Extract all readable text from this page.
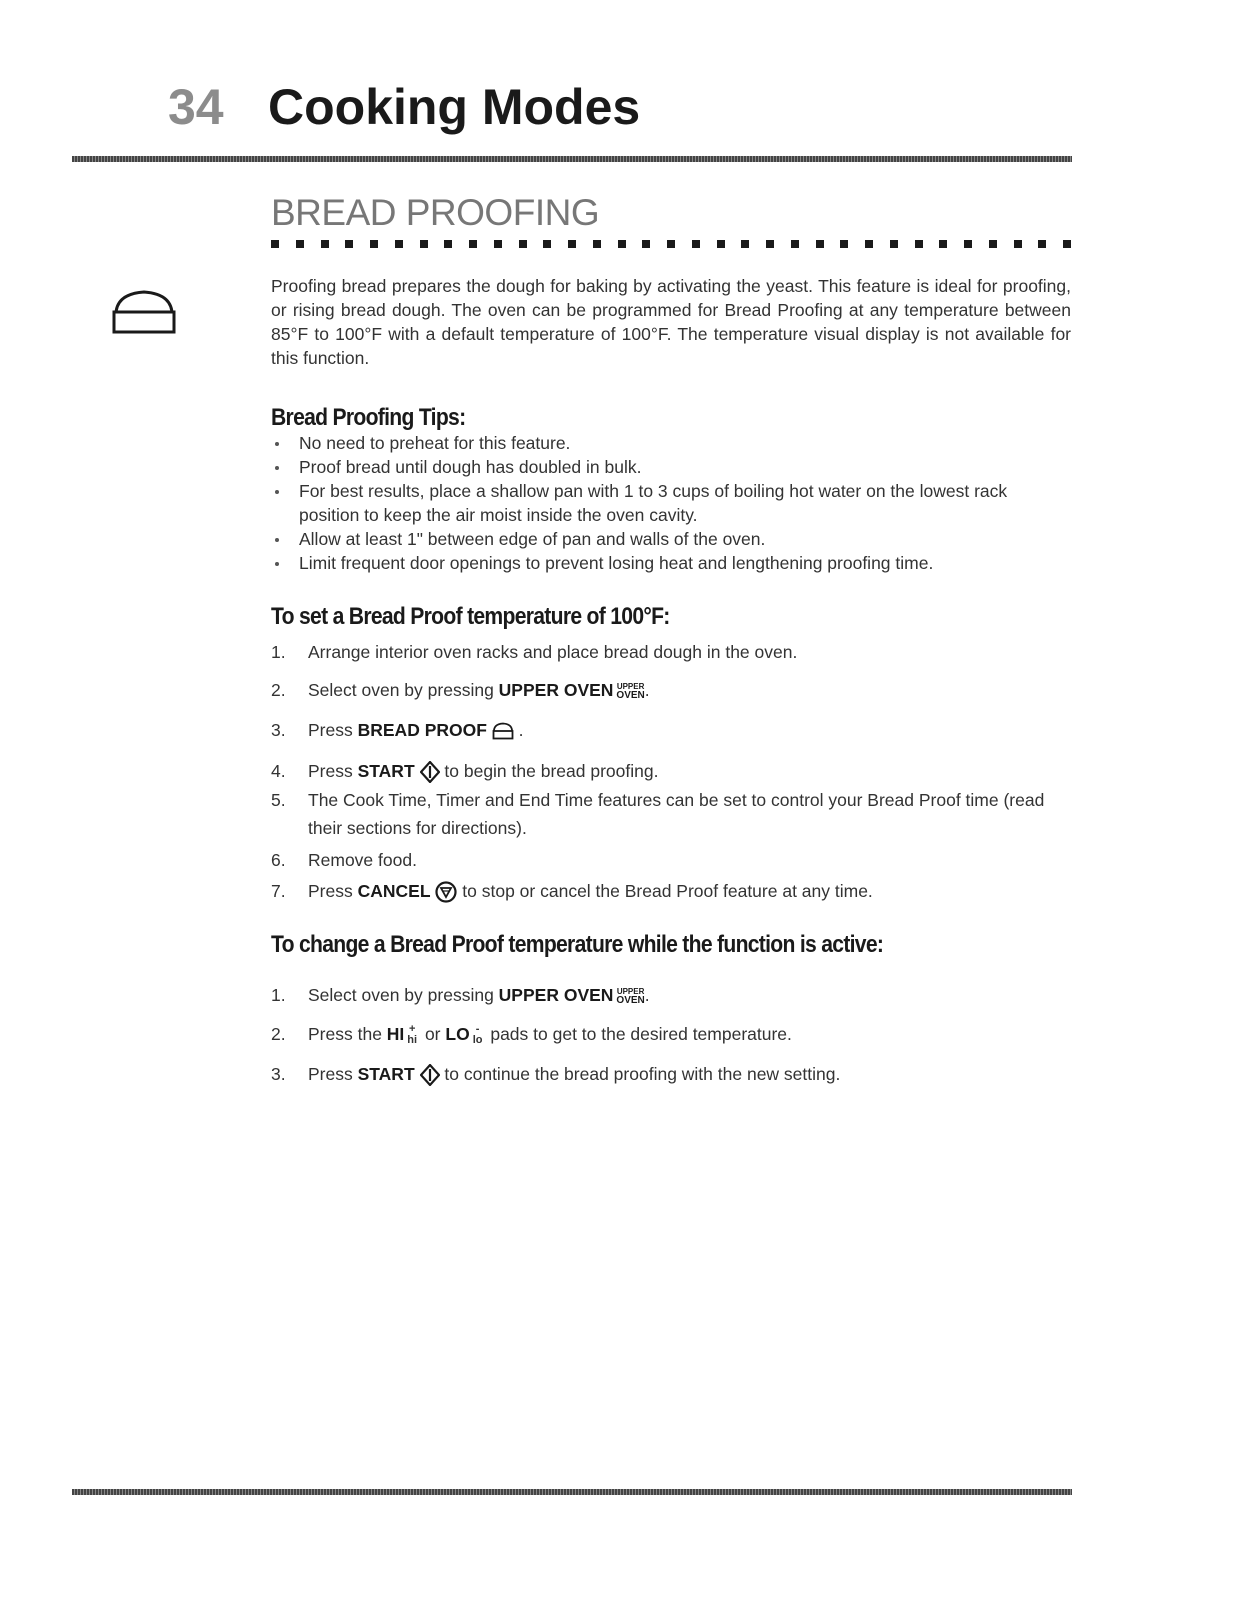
34 Cooking Modes
BREAD PROOFING

Proofing bread prepares the dough for baking by activating the yeast. This feature is ideal for proofing, or rising bread dough. The oven can be programmed for Bread Proofing at any temperature between 85°F to 100°F with a default temperature of 100°F. The temperature visual display is not available for this function.

Bread Proofing Tips:
No need to preheat for this feature.
Proof bread until dough has doubled in bulk.
For best results, place a shallow pan with 1 to 3 cups of boiling hot water on the lowest rack position to keep the air moist inside the oven cavity.
Allow at least 1" between edge of pan and walls of the oven.
Limit frequent door openings to prevent losing heat and lengthening proofing time.
To set a Bread Proof temperature of 100°F:
1.	Arrange interior oven racks and place bread dough in the oven.
2.	Select oven by pressing UPPER OVEN UPPER
OVEN.
3.	Press BREAD PROOF .
4.	Press START to begin the bread proofing.
5.	The Cook Time, Timer and End Time features can be set to control your Bread Proof time (read their sections for directions).
6.	Remove food.
7.	Press CANCEL to stop or cancel the Bread Proof feature at any time.
To change a Bread Proof temperature while the function is active:
1.	Select oven by pressing UPPER OVEN UPPER
OVEN.
2.	Press the HI +
hi or LO -
lo pads to get to the desired temperature.
3.	Press START to continue the bread proofing with the new setting.
